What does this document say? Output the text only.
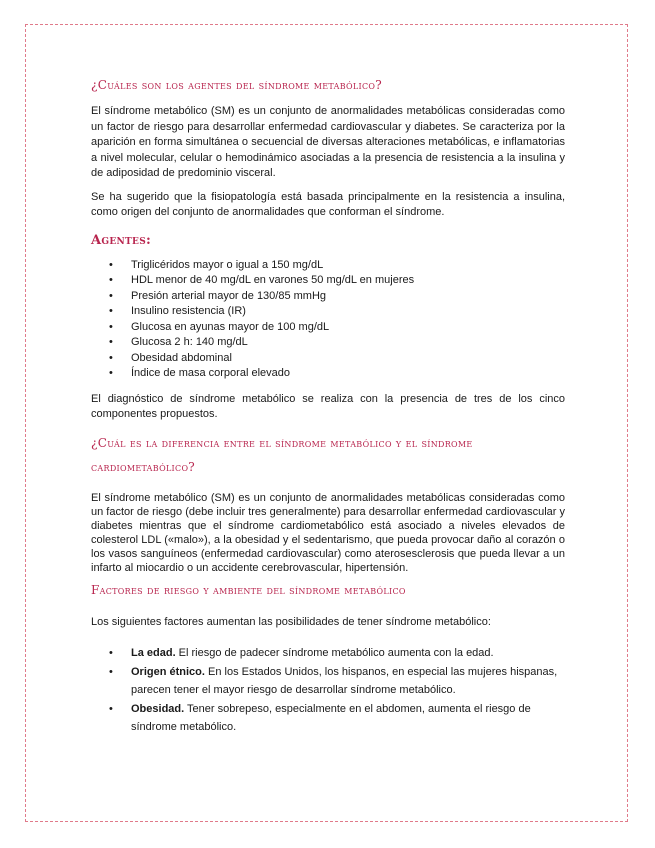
¿Cuáles son los agentes del síndrome metabólico?

El síndrome metabólico (SM) es un conjunto de anormalidades metabólicas consideradas como un factor de riesgo para desarrollar enfermedad cardiovascular y diabetes. Se caracteriza por la aparición en forma simultánea o secuencial de diversas alteraciones metabólicas, e inflamatorias a nivel molecular, celular o hemodinámico asociadas a la presencia de resistencia a la insulina y de adiposidad de predominio visceral.

Se ha sugerido que la fisiopatología está basada principalmente en la resistencia a insulina, como origen del conjunto de anormalidades que conforman el síndrome.

Agentes:
• Triglicéridos mayor o igual a 150 mg/dL
• HDL menor de 40 mg/dL en varones 50 mg/dL en mujeres
• Presión arterial mayor de 130/85 mmHg
• Insulino resistencia (IR)
• Glucosa en ayunas mayor de 100 mg/dL
• Glucosa 2 h: 140 mg/dL
• Obesidad abdominal
• Índice de masa corporal elevado

El diagnóstico de síndrome metabólico se realiza con la presencia de tres de los cinco componentes propuestos.

¿Cuál es la diferencia entre el síndrome metabólico y el síndrome cardiometabólico?

El síndrome metabólico (SM) es un conjunto de anormalidades metabólicas consideradas como un factor de riesgo (debe incluir tres generalmente) para desarrollar enfermedad cardiovascular y diabetes mientras que el síndrome cardiometabólico está asociado a niveles elevados de colesterol LDL («malo»), a la obesidad y el sedentarismo, que pueda provocar daño al corazón o los vasos sanguíneos (enfermedad cardiovascular) como aterosesclerosis que pueda llevar a un infarto al miocardio o un accidente cerebrovascular, hipertensión.

Factores de riesgo y ambiente del síndrome metabólico

Los siguientes factores aumentan las posibilidades de tener síndrome metabólico:

• La edad. El riesgo de padecer síndrome metabólico aumenta con la edad.
• Origen étnico. En los Estados Unidos, los hispanos, en especial las mujeres hispanas, parecen tener el mayor riesgo de desarrollar síndrome metabólico.
• Obesidad. Tener sobrepeso, especialmente en el abdomen, aumenta el riesgo de síndrome metabólico.
